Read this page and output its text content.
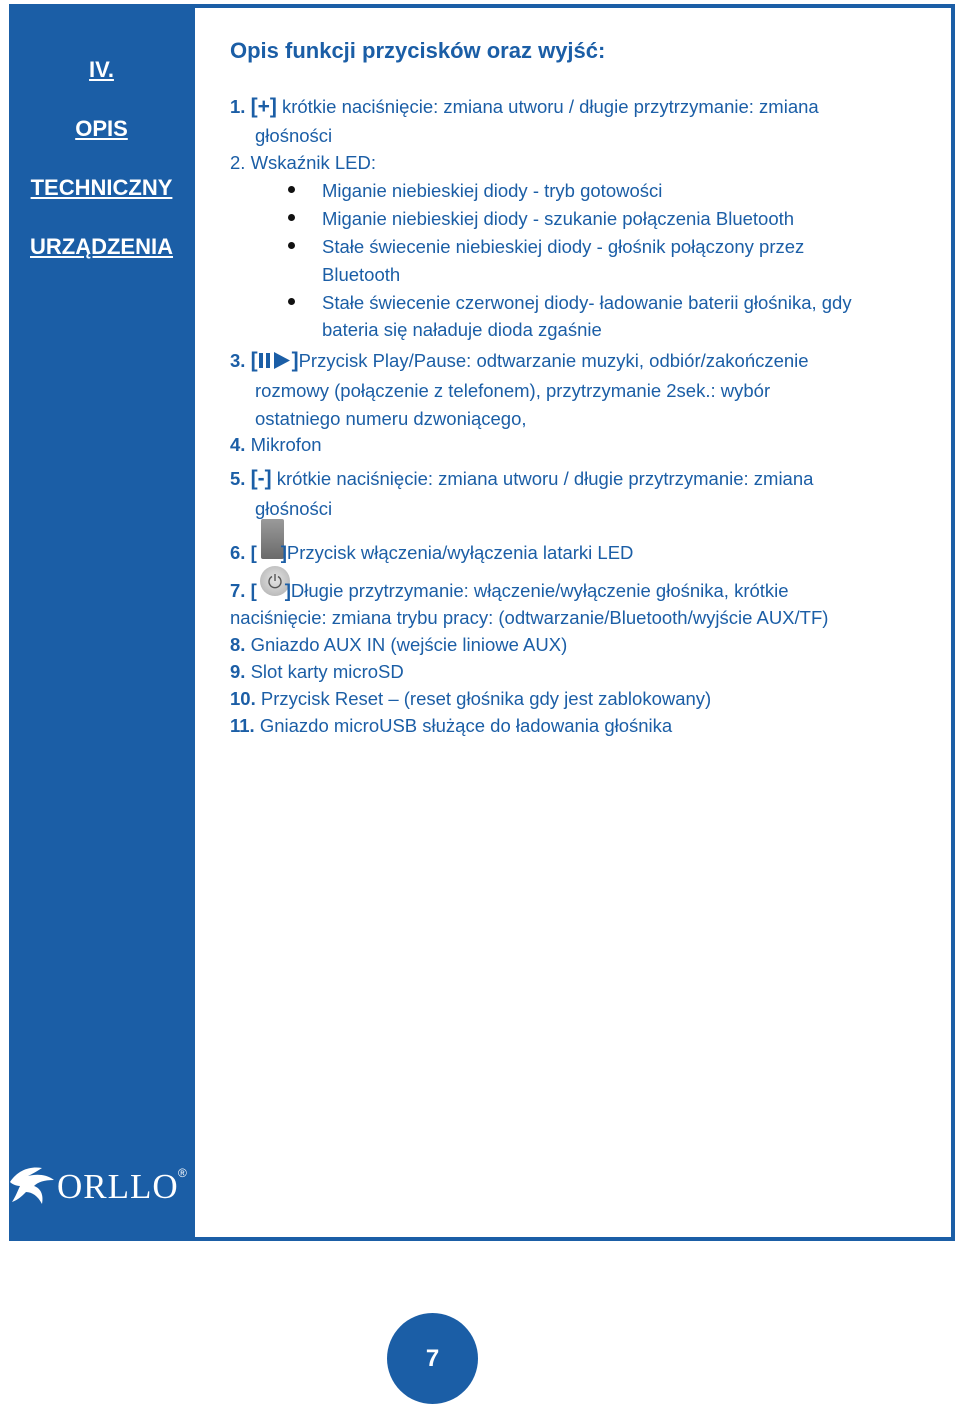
IV.
OPIS
TECHNICZNY
URZĄDZENIA
Opis funkcji przycisków oraz wyjść:
1. [+] krótkie naciśnięcie: zmiana utworu / długie przytrzymanie: zmiana
głośności
2. Wskaźnik LED:
Miganie niebieskiej diody - tryb gotowości
Miganie niebieskiej diody - szukanie połączenia Bluetooth
Stałe świecenie niebieskiej diody - głośnik połączony przez
Bluetooth
Stałe świecenie czerwonej diody- ładowanie baterii głośnika, gdy
bateria się naładuje dioda zgaśnie
3. [ ]Przycisk Play/Pause: odtwarzanie muzyki, odbiór/zakończenie
rozmowy (połączenie z telefonem), przytrzymanie 2sek.: wybór
ostatniego numeru dzwoniącego,
4. Mikrofon
5. [-] krótkie naciśnięcie: zmiana utworu / długie przytrzymanie: zmiana
głośności
6. [ ]Przycisk włączenia/wyłączenia latarki LED
7. [ ]Długie przytrzymanie: włączenie/wyłączenie głośnika, krótkie
naciśnięcie: zmiana trybu pracy: (odtwarzanie/Bluetooth/wyjście AUX/TF)
8. Gniazdo AUX IN (wejście liniowe AUX)
9. Slot karty microSD
10. Przycisk Reset – (reset głośnika gdy jest zablokowany)
11. Gniazdo microUSB służące do ładowania głośnika
ORLLO ®
7
